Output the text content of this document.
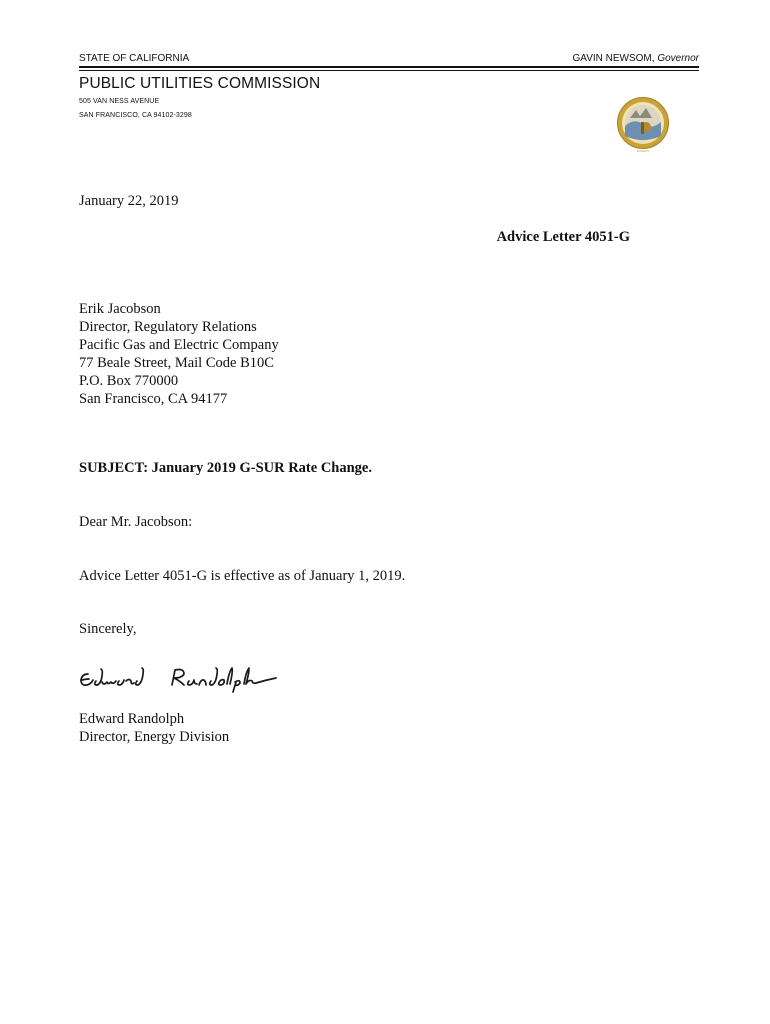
STATE OF CALIFORNIA	GAVIN NEWSOM, Governor
PUBLIC UTILITIES COMMISSION
505 VAN NESS AVENUE
SAN FRANCISCO, CA 94102-3298
EUREKA
January 22, 2019
Advice Letter 4051-G
Erik Jacobson
Director, Regulatory Relations
Pacific Gas and Electric Company
77 Beale Street, Mail Code B10C
P.O. Box 770000
San Francisco, CA 94177
SUBJECT: January 2019 G-SUR Rate Change.
Dear Mr. Jacobson:
Advice Letter 4051-G is effective as of January 1, 2019.
Sincerely,
Edward Randolph
Director, Energy Division
